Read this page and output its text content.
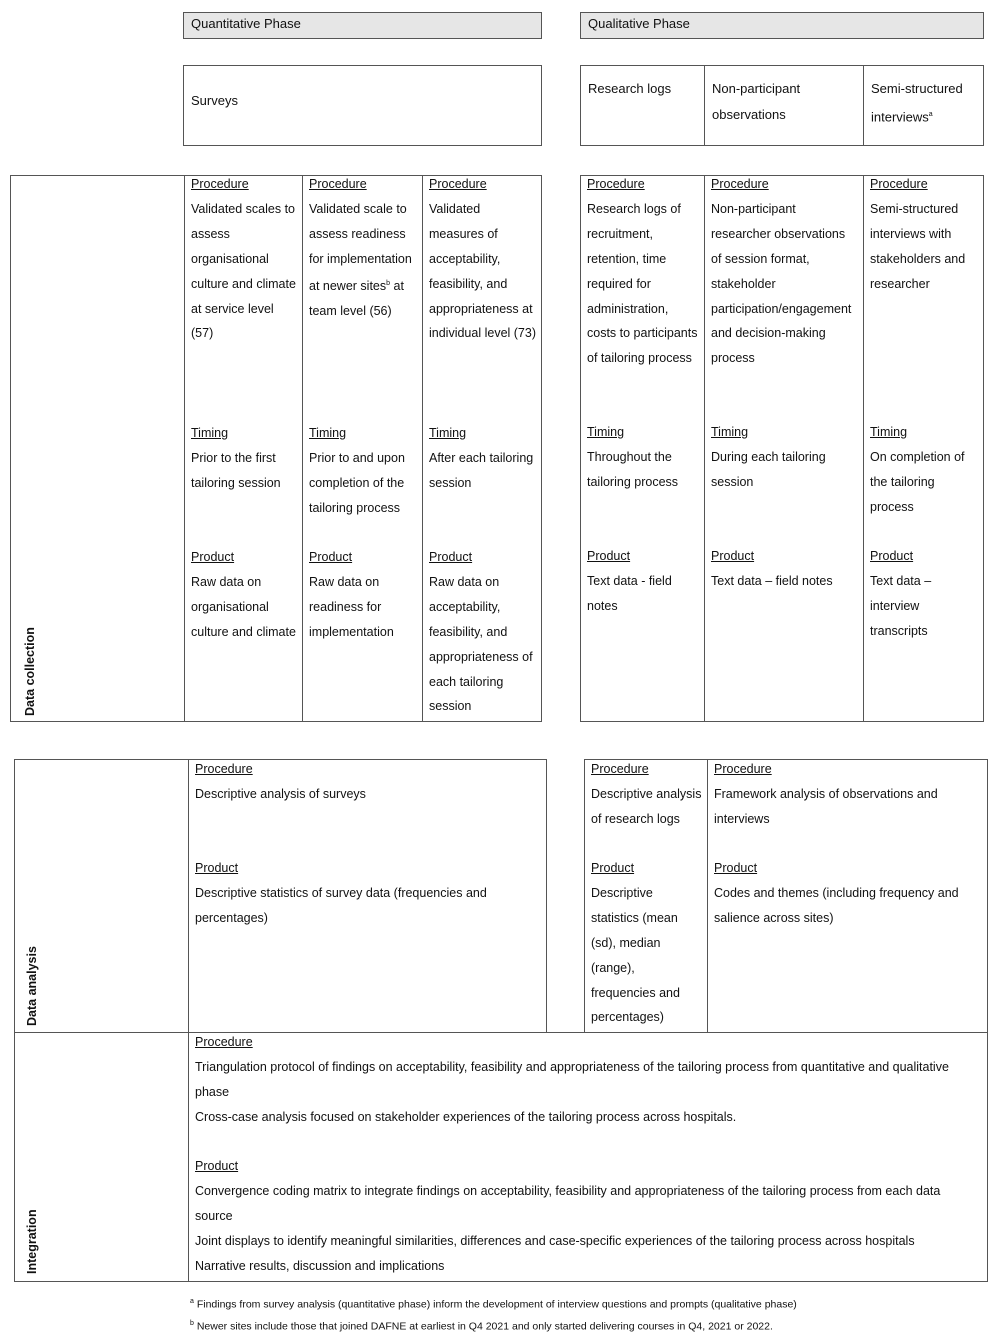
Quantitative Phase	Qualitative Phase
Surveys
Research logs	Non-participant observations
Semi-structured interviews$^a$
Data collection
Procedure
Validated scales to assess organisational culture and climate at service level (57)
Timing
Prior to the first tailoring session
Product
Raw data on organisational culture and climate
Procedure
Validated scale to assess readiness for implementation at newer sites$^b$ at team level (56)
Timing
Prior to and upon completion of the tailoring process
Product
Raw data on readiness for implementation
Procedure
Validated measures of acceptability, feasibility, and appropriateness at individual level (73)
Timing
After each tailoring session
Product
Raw data on acceptability, feasibility, and appropriateness of each tailoring session
Procedure
Research logs of recruitment, retention, time required for administration, costs to participants of tailoring process
Timing
Throughout the tailoring process
Product
Text data - field notes
Procedure
Non-participant researcher observations of session format, stakeholder participation/engagement and decision-making process
Timing
During each tailoring session
Product
Text data – field notes
Procedure
Semi-structured interviews with stakeholders and researcher
Timing
On completion of the tailoring process
Product
Text data – interview transcripts
Data analysis
Integration
Procedure
Descriptive analysis of surveys
Product
Descriptive statistics of survey data (frequencies and percentages)
Procedure
Descriptive analysis of research logs
Product
Descriptive statistics (mean (sd), median (range), frequencies and percentages)
Procedure
Framework analysis of observations and interviews
Product
Codes and themes (including frequency and salience across sites)
Procedure
Triangulation protocol of findings on acceptability, feasibility and appropriateness of the tailoring process from quantitative and qualitative phase
Cross-case analysis focused on stakeholder experiences of the tailoring process across hospitals.
Product
Convergence coding matrix to integrate findings on acceptability, feasibility and appropriateness of the tailoring process from each data source
Joint displays to identify meaningful similarities, differences and case-specific experiences of the tailoring process across hospitals
Narrative results, discussion and implications
$^a$ Findings from survey analysis (quantitative phase) inform the development of interview questions and prompts (qualitative phase)
$^b$ Newer sites include those that joined DAFNE at earliest in Q4 2021 and only started delivering courses in Q4, 2021 or 2022.
